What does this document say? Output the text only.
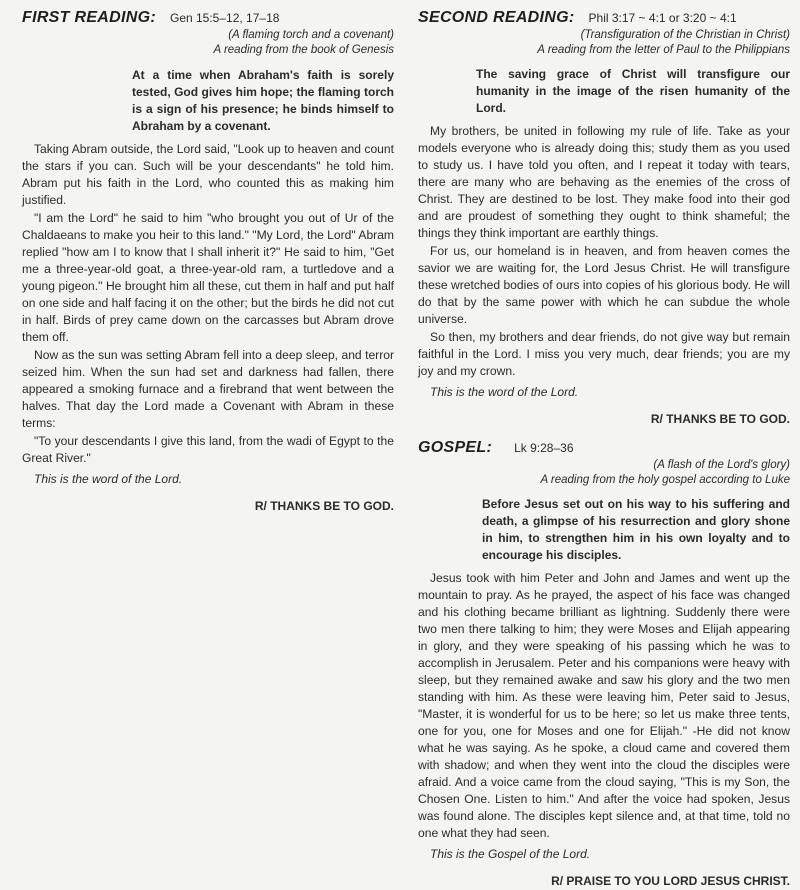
FIRST READING: Gen 15:5–12, 17–18
(A flaming torch and a covenant)
A reading from the book of Genesis
At a time when Abraham's faith is sorely tested, God gives him hope; the flaming torch is a sign of his presence; he binds himself to Abraham by a covenant.

Taking Abram outside, the Lord said, "Look up to heaven and count the stars if you can. Such will be your descendants" he told him. Abram put his faith in the Lord, who counted this as making him justified.

"I am the Lord" he said to him "who brought you out of Ur of the Chaldaeans to make you heir to this land." "My Lord, the Lord" Abram replied "how am I to know that I shall inherit it?" He said to him, "Get me a three-year-old goat, a three-year-old ram, a turtledove and a young pigeon." He brought him all these, cut them in half and put half on one side and half facing it on the other; but the birds he did not cut in half. Birds of prey came down on the carcasses but Abram drove them off.

Now as the sun was setting Abram fell into a deep sleep, and terror seized him. When the sun had set and darkness had fallen, there appeared a smoking furnace and a firebrand that went between the halves. That day the Lord made a Covenant with Abram in these terms:

"To your descendants I give this land, from the wadi of Egypt to the Great River."

This is the word of the Lord.
R/ THANKS BE TO GOD.
SECOND READING: Phil 3:17 ~ 4:1 or 3:20 ~ 4:1
(Transfiguration of the Christian in Christ)
A reading from the letter of Paul to the Philippians
The saving grace of Christ will transfigure our humanity in the image of the risen humanity of the Lord.

My brothers, be united in following my rule of life. Take as your models everyone who is already doing this; study them as you used to study us. I have told you often, and I repeat it today with tears, there are many who are behaving as the enemies of the cross of Christ. They are destined to be lost. They make food into their god and are proudest of something they ought to think shameful; the things they think important are earthly things.

For us, our homeland is in heaven, and from heaven comes the savior we are waiting for, the Lord Jesus Christ. He will transfigure these wretched bodies of ours into copies of his glorious body. He will do that by the same power with which he can subdue the whole universe.

So then, my brothers and dear friends, do not give way but remain faithful in the Lord. I miss you very much, dear friends; you are my joy and my crown.

This is the word of the Lord.
R/ THANKS BE TO GOD.
GOSPEL: Lk 9:28–36
(A flash of the Lord's glory)
A reading from the holy gospel according to Luke
Before Jesus set out on his way to his suffering and death, a glimpse of his resurrection and glory shone in him, to strengthen him in his own loyalty and to encourage his disciples.

Jesus took with him Peter and John and James and went up the mountain to pray. As he prayed, the aspect of his face was changed and his clothing became brilliant as lightning. Suddenly there were two men there talking to him; they were Moses and Elijah appearing in glory, and they were speaking of his passing which he was to accomplish in Jerusalem. Peter and his companions were heavy with sleep, but they remained awake and saw his glory and the two men standing with him. As these were leaving him, Peter said to Jesus, "Master, it is wonderful for us to be here; so let us make three tents, one for you, one for Moses and one for Elijah." -He did not know what he was saying. As he spoke, a cloud came and covered them with shadow; and when they went into the cloud the disciples were afraid. And a voice came from the cloud saying, "This is my Son, the Chosen One. Listen to him." And after the voice had spoken, Jesus was found alone. The disciples kept silence and, at that time, told no one what they had seen.

This is the Gospel of the Lord.
R/ PRAISE TO YOU LORD JESUS CHRIST.
